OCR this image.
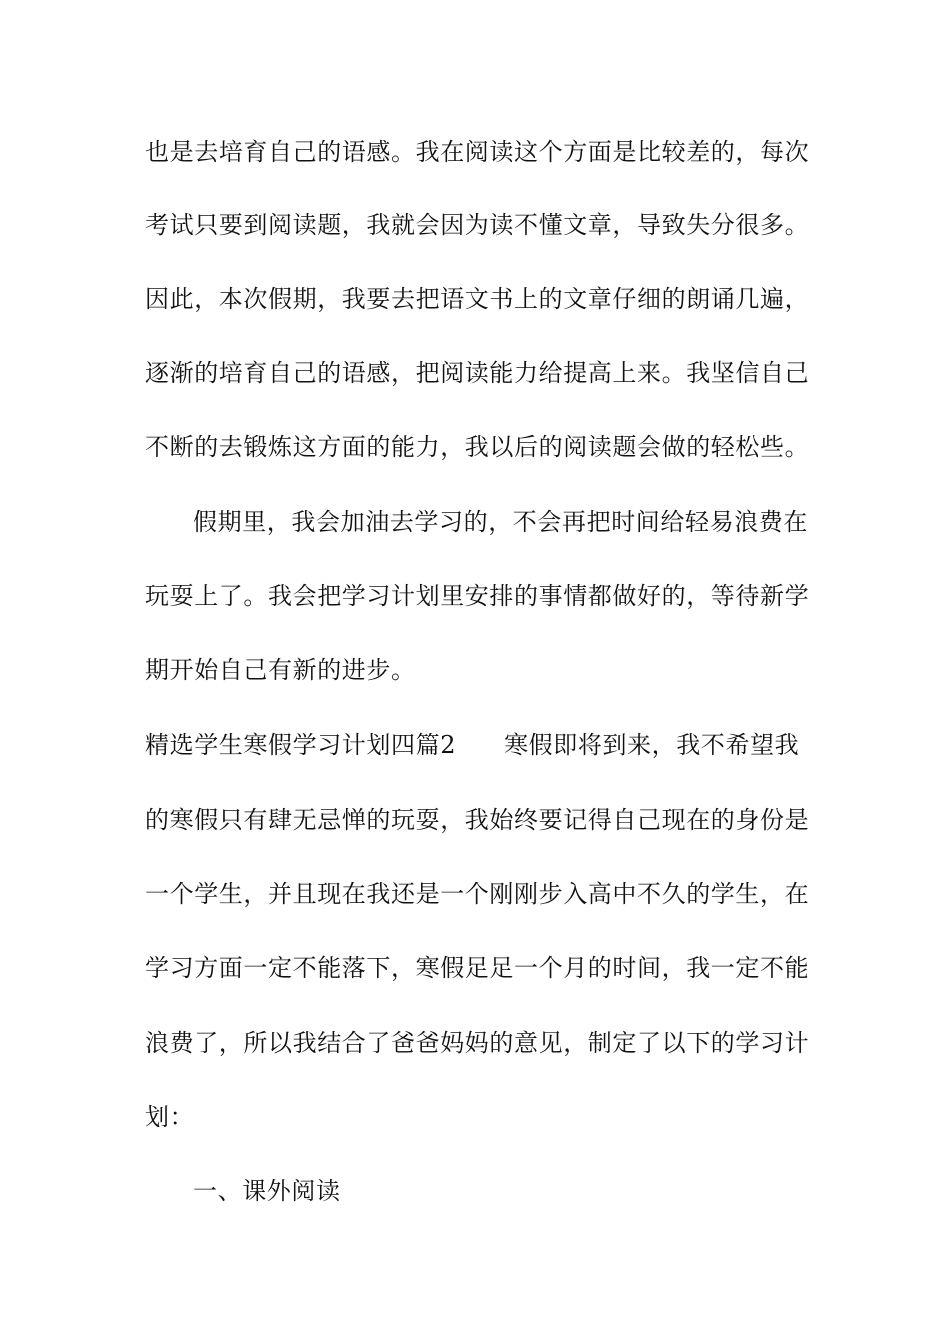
也是去培育自己的语感。我在阅读这个方面是比较差的，每次
考试只要到阅读题，我就会因为读不懂文章，导致失分很多。
因此，本次假期，我要去把语文书上的文章仔细的朗诵几遍，
逐渐的培育自己的语感，把阅读能力给提高上来。我坚信自己
不断的去锻炼这方面的能力，我以后的阅读题会做的轻松些。
假期里，我会加油去学习的，不会再把时间给轻易浪费在
玩耍上了。我会把学习计划里安排的事情都做好的，等待新学
期开始自己有新的进步。
精选学生寒假学习计划四篇2 寒假即将到来，我不希望我
的寒假只有肆无忌惮的玩耍，我始终要记得自己现在的身份是
一个学生，并且现在我还是一个刚刚步入高中不久的学生，在
学习方面一定不能落下，寒假足足一个月的时间，我一定不能
浪费了，所以我结合了爸爸妈妈的意见，制定了以下的学习计
划：
一、课外阅读
